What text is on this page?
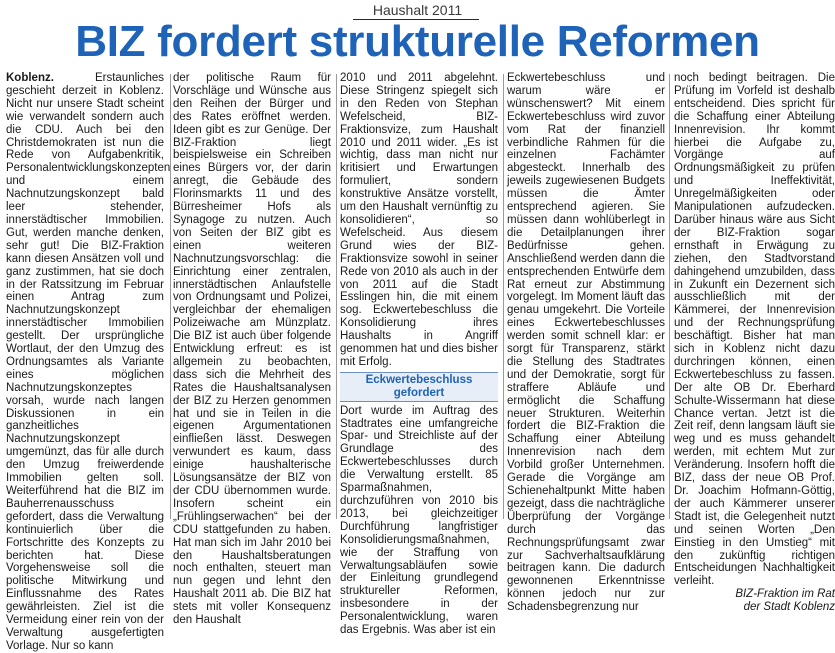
Haushalt 2011
BIZ fordert strukturelle Reformen

Koblenz. Erstaunliches geschieht derzeit in Koblenz. Nicht nur unsere Stadt scheint wie verwandelt sondern auch die CDU. Auch bei den Christdemokraten ist nun die Rede von Aufgabenkritik, Personalentwicklungskonzepten und einem Nachnutzungskonzept bald leer stehender, innerstädtischer Immobilien. Gut, werden manche denken, sehr gut! Die BIZ-Fraktion kann diesen Ansätzen voll und ganz zustimmen, hat sie doch in der Ratssitzung im Februar einen Antrag zum Nachnutzungskonzept innerstädtischer Immobilien gestellt. Der ursprüngliche Wortlaut, der den Umzug des Ordnungsamtes als Variante eines möglichen Nachnutzungskonzeptes vorsah, wurde nach langen Diskussionen in ein ganzheitliches Nachnutzungskonzept umgemünzt, das für alle durch den Umzug freiwerdende Immobilien gelten soll. Weiterführend hat die BIZ im Bauherrenausschuss gefordert, dass die Verwaltung kontinuierlich über die Fortschritte des Konzepts zu berichten hat. Diese Vorgehensweise soll die politische Mitwirkung und Einflussnahme des Rates gewährleisten. Ziel ist die Vermeidung einer rein von der Verwaltung ausgefertigten Vorlage. Nur so kann

der politische Raum für Vorschläge und Wünsche aus den Reihen der Bürger und des Rates eröffnet werden. Ideen gibt es zur Genüge. Der BIZ-Fraktion liegt beispielsweise ein Schreiben eines Bürgers vor, der darin anregt, die Gebäude des Florinsmarkts 11 und des Bürresheimer Hofs als Synagoge zu nutzen. Auch von Seiten der BIZ gibt es einen weiteren Nachnutzungsvorschlag: die Einrichtung einer zentralen, innerstädtischen Anlaufstelle von Ordnungsamt und Polizei, vergleichbar der ehemaligen Polizeiwache am Münzplatz. Die BIZ ist auch über folgende Entwicklung erfreut: es ist allgemein zu beobachten, dass sich die Mehrheit des Rates die Haushaltsanalysen der BIZ zu Herzen genommen hat und sie in Teilen in die eigenen Argumentationen einfließen lässt. Deswegen verwundert es kaum, dass einige haushalterische Lösungsansätze der BIZ von der CDU übernommen wurde. Insofern scheint ein „Frühlingserwachen“ bei der CDU stattgefunden zu haben. Hat man sich im Jahr 2010 bei den Haushaltsberatungen noch enthalten, steuert man nun gegen und lehnt den Haushalt 2011 ab. Die BIZ hat stets mit voller Konsequenz den Haushalt

2010 und 2011 abgelehnt. Diese Stringenz spiegelt sich in den Reden von Stephan Wefelscheid, BIZ-Fraktionsvize, zum Haushalt 2010 und 2011 wider. „Es ist wichtig, dass man nicht nur kritisiert und Erwartungen formuliert, sondern konstruktive Ansätze vorstellt, um den Haushalt vernünftig zu konsolidieren“, so Wefelscheid. Aus diesem Grund wies der BIZ-Fraktionsvize sowohl in seiner Rede von 2010 als auch in der von 2011 auf die Stadt Esslingen hin, die mit einem sog. Eckwertebeschluss die Konsolidierung ihres Haushalts in Angriff genommen hat und dies bisher mit Erfolg.

Eckwertebeschluss gefordert

Dort wurde im Auftrag des Stadtrates eine umfangreiche Spar- und Streichliste auf der Grundlage des Eckwertebeschlusses durch die Verwaltung erstellt. 85 Sparmaßnahmen, durchzuführen von 2010 bis 2013, bei gleichzeitiger Durchführung langfristiger Konsolidierungsmaßnahmen, wie der Straffung von Verwaltungsabläufen sowie der Einleitung grundlegend struktureller Reformen, insbesondere in der Personalentwicklung, waren das Ergebnis. Was aber ist ein

Eckwertebeschluss und warum wäre er wünschenswert? Mit einem Eckwertebeschluss wird zuvor vom Rat der finanziell verbindliche Rahmen für die einzelnen Fachämter abgesteckt. Innerhalb des jeweils zugewiesenen Budgets müssen die Ämter entsprechend agieren. Sie müssen dann wohlüberlegt in die Detailplanungen ihrer Bedürfnisse gehen. Anschließend werden dann die entsprechenden Entwürfe dem Rat erneut zur Abstimmung vorgelegt. Im Moment läuft das genau umgekehrt. Die Vorteile eines Eckwertebeschlusses werden somit schnell klar: er sorgt für Transparenz, stärkt die Stellung des Stadtrates und der Demokratie, sorgt für straffere Abläufe und ermöglicht die Schaffung neuer Strukturen. Weiterhin fordert die BIZ-Fraktion die Schaffung einer Abteilung Innenrevision nach dem Vorbild großer Unternehmen. Gerade die Vorgänge am Schienehaltpunkt Mitte haben gezeigt, dass die nachträgliche Überprüfung der Vorgänge durch das Rechnungsprüfungsamt zwar zur Sachverhaltsaufklärung beitragen kann. Die dadurch gewonnenen Erkenntnisse können jedoch nur zur Schadensbegrenzung nur

noch bedingt beitragen. Die Prüfung im Vorfeld ist deshalb entscheidend. Dies spricht für die Schaffung einer Abteilung Innenrevision. Ihr kommt hierbei die Aufgabe zu, Vorgänge auf Ordnungsmäßigkeit zu prüfen und Ineffektivität, Unregelmäßigkeiten oder Manipulationen aufzudecken. Darüber hinaus wäre aus Sicht der BIZ-Fraktion sogar ernsthaft in Erwägung zu ziehen, den Stadtvorstand dahingehend umzubilden, dass in Zukunft ein Dezernent sich ausschließlich mit der Kämmerei, der Innenrevision und der Rechnungsprüfung beschäftigt. Bisher hat man sich in Koblenz nicht dazu durchringen können, einen Eckwertebeschluss zu fassen. Der alte OB Dr. Eberhard Schulte-Wissermann hat diese Chance vertan. Jetzt ist die Zeit reif, denn langsam läuft sie weg und es muss gehandelt werden, mit echtem Mut zur Veränderung. Insofern hofft die BIZ, dass der neue OB Prof. Dr. Joachim Hofmann-Göttig, der auch Kämmerer unserer Stadt ist, die Gelegenheit nutzt und seinen Worten „Den Einstieg in den Umstieg“ mit den zukünftig richtigen Entscheidungen Nachhaltigkeit verleiht.

BIZ-Fraktion im Rat
der Stadt Koblenz
